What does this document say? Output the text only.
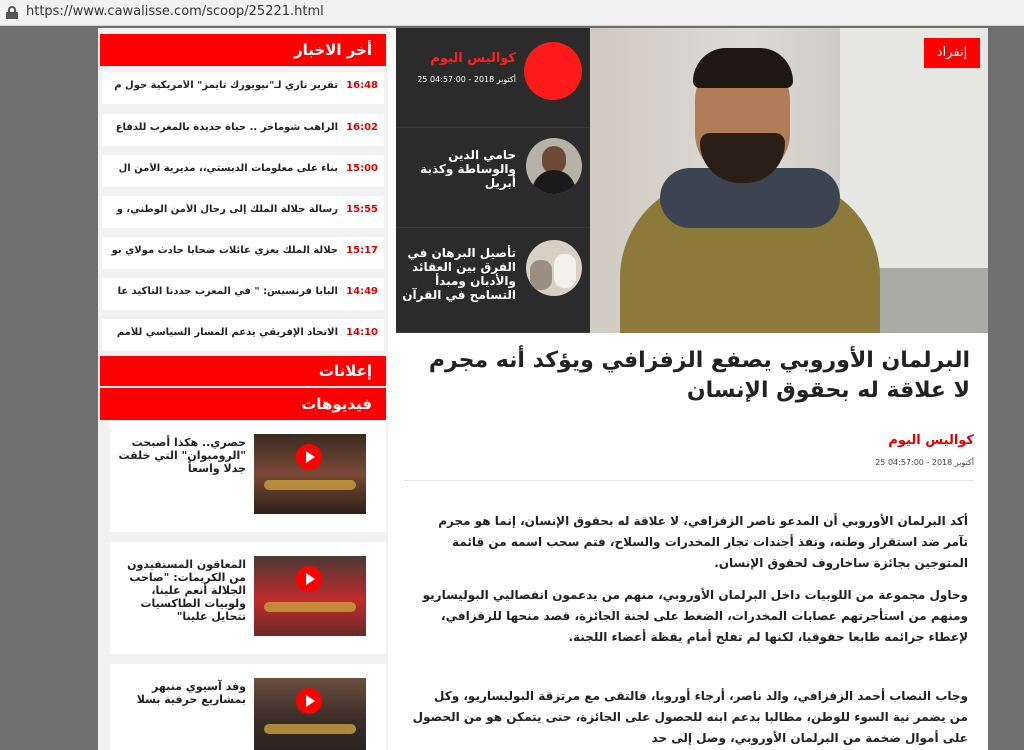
https://www.cawalisse.com/scoop/25221.html
أخر الاخبار
16:48
تقرير ناري لـ"نيويورك تايمز" الأمريكية حول م
16:02
الراهب شوماخر .. حياة جديدة بالمغرب للدفاع
15:00
بناء على معلومات الديستي،، مديرية الأمن ال
15:55
رسالة جلالة الملك إلى رجال الأمن الوطني، و
15:17
جلالة الملك يعزي عائلات ضحايا حادث مولاي بو
14:49
البابا فرنسيس: " في المغرب جددنا التأكيد عا
14:10
الاتحاد الإفريقي يدعم المسار السياسي للأمم
إعلانات
فيديوهات
حصري.. هكذا أصبحت "الرومبوان" التي خلقت جدلا واسعاً
المعاقون المستفيدون من الكريمات: "صاحب الجلالة أنعم علينا، ولوبيات الطاكسيات تتحايل علينا"
وفد آسيوي منبهر بمشاريع حرفية بسلا
كواليس اليوم
25 أكتوبر 2018 - 04:57:00
حامي الدين والوساطة وكذبة أبريل
تأصيل البرهان في الفرق بين العقائد والأديان ومبدأ التسامح في القرآن
إنفراد
البرلمان الأوروبي يصفع الزفزافي ويؤكد أنه مجرم لا علاقة له بحقوق الإنسان
كواليس اليوم
25 أكتوبر 2018 - 04:57:00

أكد البرلمان الأوروبي أن المدعو ناصر الزفزافي، لا علاقة له بحقوق الإنسان، إنما هو مجرم تآمر ضد استقرار وطنه، ونفذ أجندات تجار المخدرات والسلاح، فتم سحب اسمه من قائمة المتوجين بجائزة ساخاروف لحقوق الإنسان.

وحاول مجموعة من اللوبيات داخل البرلمان الأوروبي، منهم من يدعمون انفصاليي البوليساريو ومنهم من استأجرتهم عصابات المخدرات، الضغط على لجنة الجائزة، قصد منحها للزفزافي، لإعطاء جرائمه طابعا حقوقيا، لكنها لم تفلح أمام يقظة أعضاء اللجنة.

وجاب النصاب أحمد الزفزافي، والد ناصر، أرجاء أوروبا، فالتقى مع مرتزقة البوليساريو، وكل من يضمر نية السوء للوطن، مطالبا بدعم ابنه للحصول على الجائزة، حتى يتمكن هو من الحصول على أموال ضخمة من البرلمان الأوروبي، وصل إلى حد
